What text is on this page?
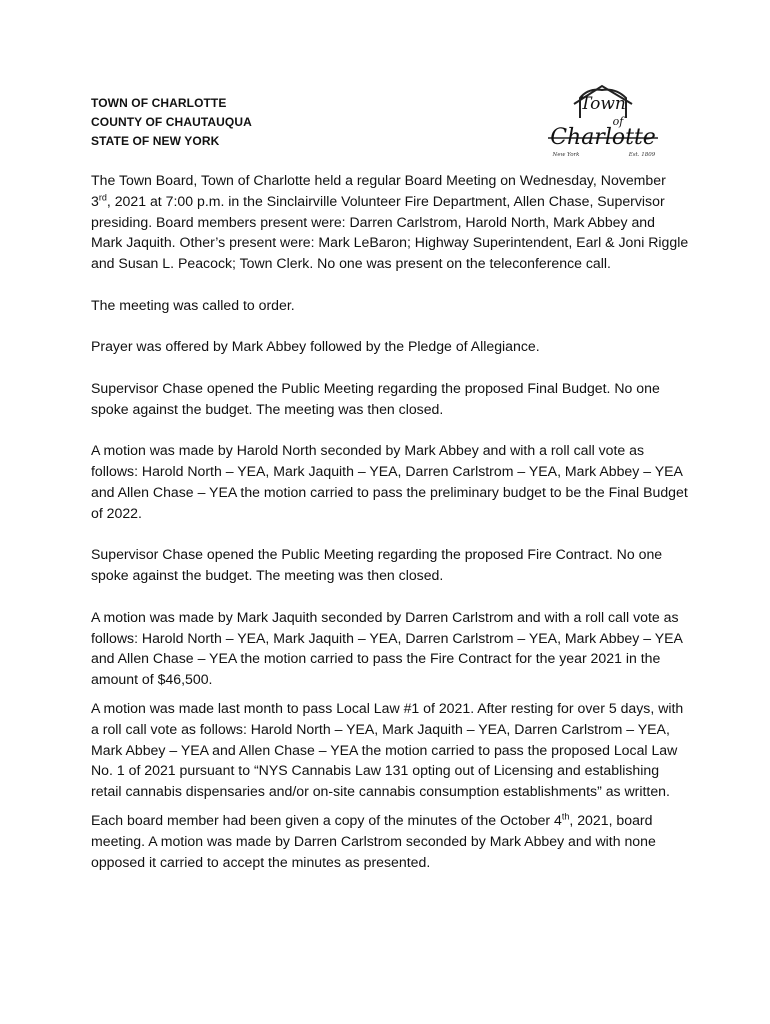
TOWN OF CHARLOTTE
COUNTY OF CHAUTAUQUA
STATE OF NEW YORK
Town
of
Charlotte
New York	Est. 1809

The Town Board, Town of Charlotte held a regular Board Meeting on Wednesday, November 3rd, 2021 at 7:00 p.m. in the Sinclairville Volunteer Fire Department, Allen Chase, Supervisor presiding. Board members present were: Darren Carlstrom, Harold North, Mark Abbey and Mark Jaquith. Other’s present were: Mark LeBaron; Highway Superintendent, Earl & Joni Riggle and Susan L. Peacock; Town Clerk. No one was present on the teleconference call.

The meeting was called to order.

Prayer was offered by Mark Abbey followed by the Pledge of Allegiance.

Supervisor Chase opened the Public Meeting regarding the proposed Final Budget. No one spoke against the budget. The meeting was then closed.

A motion was made by Harold North seconded by Mark Abbey and with a roll call vote as follows: Harold North – YEA, Mark Jaquith – YEA, Darren Carlstrom – YEA, Mark Abbey – YEA and Allen Chase – YEA the motion carried to pass the preliminary budget to be the Final Budget of 2022.

Supervisor Chase opened the Public Meeting regarding the proposed Fire Contract. No one spoke against the budget. The meeting was then closed.

A motion was made by Mark Jaquith seconded by Darren Carlstrom and with a roll call vote as follows: Harold North – YEA, Mark Jaquith – YEA, Darren Carlstrom – YEA, Mark Abbey – YEA and Allen Chase – YEA the motion carried to pass the Fire Contract for the year 2021 in the amount of $46,500.

A motion was made last month to pass Local Law #1 of 2021. After resting for over 5 days, with a roll call vote as follows: Harold North – YEA, Mark Jaquith – YEA, Darren Carlstrom – YEA, Mark Abbey – YEA and Allen Chase – YEA the motion carried to pass the proposed Local Law No. 1 of 2021 pursuant to “NYS Cannabis Law 131 opting out of Licensing and establishing retail cannabis dispensaries and/or on-site cannabis consumption establishments” as written.

Each board member had been given a copy of the minutes of the October 4th, 2021, board meeting. A motion was made by Darren Carlstrom seconded by Mark Abbey and with none opposed it carried to accept the minutes as presented.
